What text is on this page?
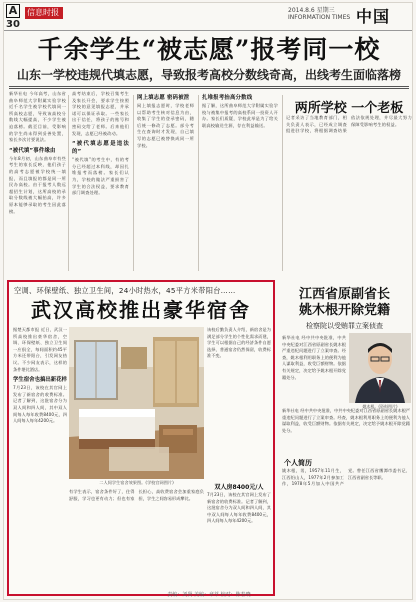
A
30
信息时报	2014.8.6 星期三
INFORMATION TIMES 中国
千余学生“被志愿”报考同一校
山东一学校违规代填志愿，导致报考高校分数线奇高，出线考生面临落榜
新华社电 今年高考，山东省曲阜师范大学附属实验学校近千名学生被学校代填同一所高校志愿，导致该高校分数线大幅提高，不少学生被迫落榜。截至目前，受影响的学生尚未得到妥善处置，家长多次讨要说法。
“被代填”事件缘由
今年8月初，山东曲阜市有些考生的家长反映，他们孩子的高考志愿被学校统一填报，而且填报的都是同一所民办高校。由于报考人数远超招生计划，这所高校的录取分数线被大幅抬高，许多原本能够录取的考生因此落榜。
高考结束后，学校召集考生及家长开会，要求学生按照学校的意见填报志愿，并承诺可以保证录取。一些家长出于信任，将孩子的账号和密码交给了老师。后来他们发现，志愿已经被改动。
“被代填志愿是违法的”
“被代填”的考生中，有的考分已经超过本科线，却因扎堆报考而落榜。家长们认为，学校的做法严重损害了学生的合法权益，要求教育部门调查处理。
网上填志愿 密码被泄
网上填报志愿时，学校老师以帮助考生核对信息为由，收集了学生的登录密码，随后统一修改了志愿。部分考生在查询时才发现，自己填写的志愿已被替换成同一所学校。
扎堆报考抬高分数线
据了解，这所曲阜师范大学附属实验学校与被集中报考的高校系同一投资人开办。家长们质疑，学校此举是为了给关联高校输送生源，存在利益输送。
两所学校 一个老板
记者采访了当地教育部门，相关负责人表示，已经成立调查组进驻学校，将根据调查结果依法依规处理，并尽最大努力保障受影响考生的权益。
空调、环保壁纸、独立卫生间，24小时热水，45平方米带阳台……
武汉高校推出豪华宿舍
据楚天都市报 近日，武汉一所高校推出豪华宿舍，空调、环保壁纸、独立卫生间一应俱全，每间面积约45平方米还带阳台，引发网友热议。不少网友表示，这样的条件堪比酒店。
学生宿舍也搞出新花样
7月23日，该校在其官网上发布了新宿舍的收费标准。记者了解到，这批宿舍分为双人间和四人间，其中双人间每人每年收费8400元，四人间每人每年4200元。
二人间学生宿舍效果图。(学校官网图片)
该校后勤负责人介绍，新宿舍是为满足部分学生的个性化需求而建，学生可以根据自己的经济条件自愿选择，普通宿舍仍然保留，收费标准不变。
双人房8400元/人
有学生表示，宿舍条件好了，住得舒服，学习也更有动力；但也有家长担心，高收费宿舍会加重家庭负担，学生之间容易形成攀比。
7月23日，该校在其官网上发布了新宿舍的收费标准。记者了解到，这批宿舍分为双人间和四人间，其中双人间每人每年收费8400元，四人间每人每年4200元。
江西省原副省长
姚木根开除党籍
检察院以受贿罪立案侦查
新华社电 经中共中央批准，中共中央纪委对江西省原副省长姚木根严重违纪问题进行了立案审查。经查，姚木根利用职务上的便利为他人谋取利益，收受巨额财物。依据有关规定，决定给予姚木根开除党籍处分。
姚木根。(资料图片)
新华社电 经中共中央批准，中共中央纪委对江西省原副省长姚木根严重违纪问题进行了立案审查。经查，姚木根利用职务上的便利为他人谋取利益，收受巨额财物。依据有关规定，决定给予姚木根开除党籍处分。
个人简历
姚木根，男，1957年11月生，江西铅山人，1977年2月参加工作，1978年5月加入中国共产党。曾任江西省鹰潭市委书记、江西省副省长等职。
责编：刘贤 美编：章萃 校对：陈春晓
